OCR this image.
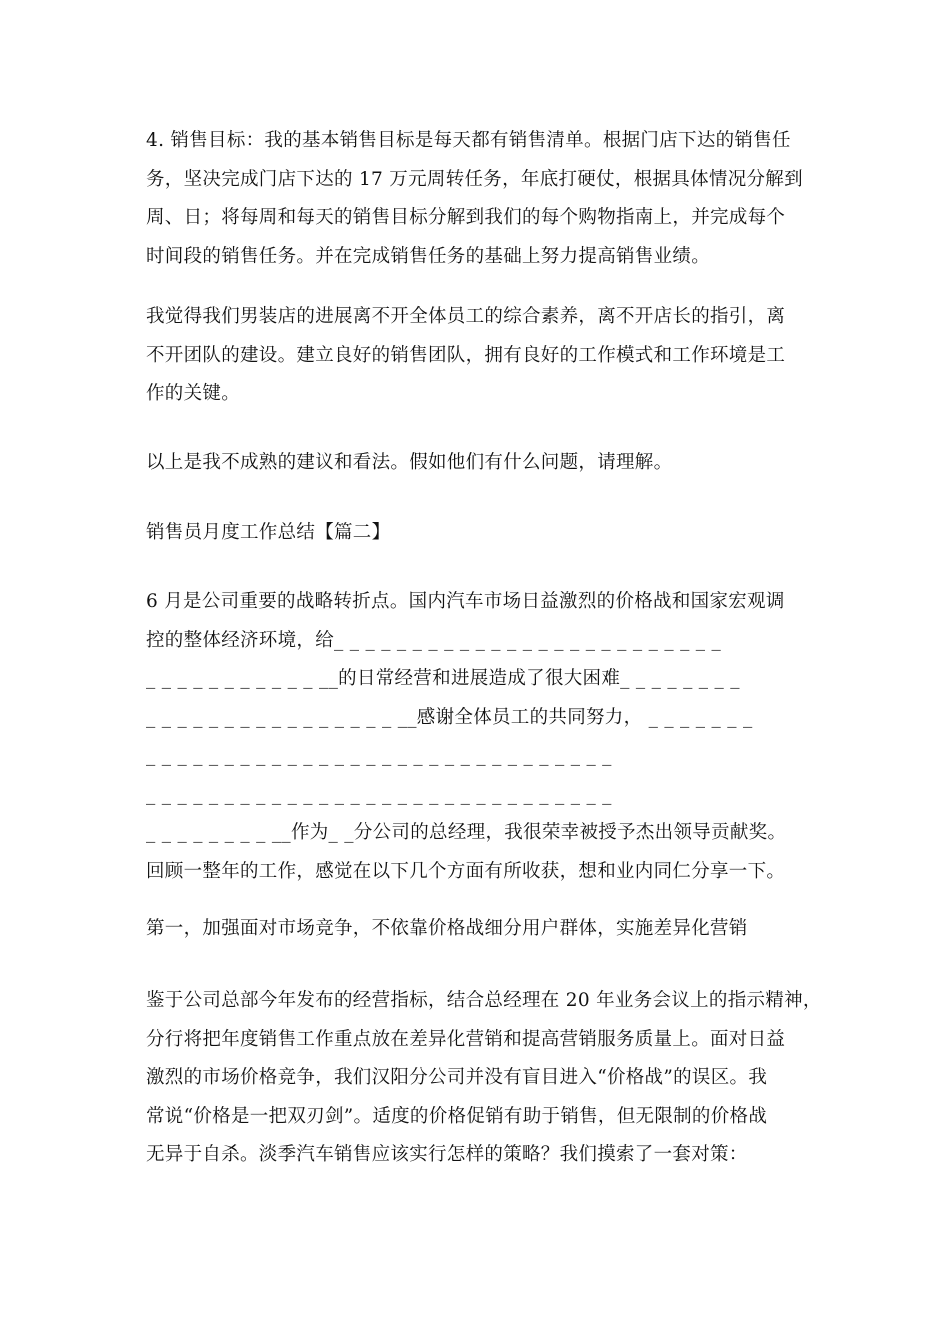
4. 销售目标：我的基本销售目标是每天都有销售清单。根据门店下达的销售任
务，坚决完成门店下达的 17 万元周转任务，年底打硬仗，根据具体情况分解到
周、日；将每周和每天的销售目标分解到我们的每个购物指南上，并完成每个
时间段的销售任务。并在完成销售任务的基础上努力提高销售业绩。
我觉得我们男装店的进展离不开全体员工的综合素养，离不开店长的指引，离
不开团队的建设。建立良好的销售团队，拥有良好的工作模式和工作环境是工
作的关键。
以上是我不成熟的建议和看法。假如他们有什么问题，请理解。
销售员月度工作总结【篇二】
6 月是公司重要的战略转折点。国内汽车市场日益激烈的价格战和国家宏观调
控的整体经济环境，给_ _ _ _ _ _ _ _ _ _ _ _ _ _ _ _ _ _ _ _ _ _ _ _ _
_ _ _ _ _ _ _ _ _ _ _ __的日常经营和进展造成了很大困难_ _ _ _ _ _ _ _
_ _ _ _ _ _ _ _ _ _ _ _ _ _ _ _ __感谢全体员工的共同努力， _ _ _ _ _ _ _
_ _ _ _ _ _ _ _ _ _ _ _ _ _ _ _ _ _ _ _ _ _ _ _ _ _ _ _ _ _
_ _ _ _ _ _ _ _ _ _ _ _ _ _ _ _ _ _ _ _ _ _ _ _ _ _ _ _ _ _
_ _ _ _ _ _ _ _ __作为_ _分公司的总经理，我很荣幸被授予杰出领导贡献奖。
回顾一整年的工作，感觉在以下几个方面有所收获，想和业内同仁分享一下。
第一，加强面对市场竞争，不依靠价格战细分用户群体，实施差异化营销
鉴于公司总部今年发布的经营指标，结合总经理在 20 年业务会议上的指示精神，
分行将把年度销售工作重点放在差异化营销和提高营销服务质量上。面对日益
激烈的市场价格竞争，我们汉阳分公司并没有盲目进入“价格战”的误区。我
常说“价格是一把双刃剑”。适度的价格促销有助于销售，但无限制的价格战
无异于自杀。淡季汽车销售应该实行怎样的策略？我们摸索了一套对策：
